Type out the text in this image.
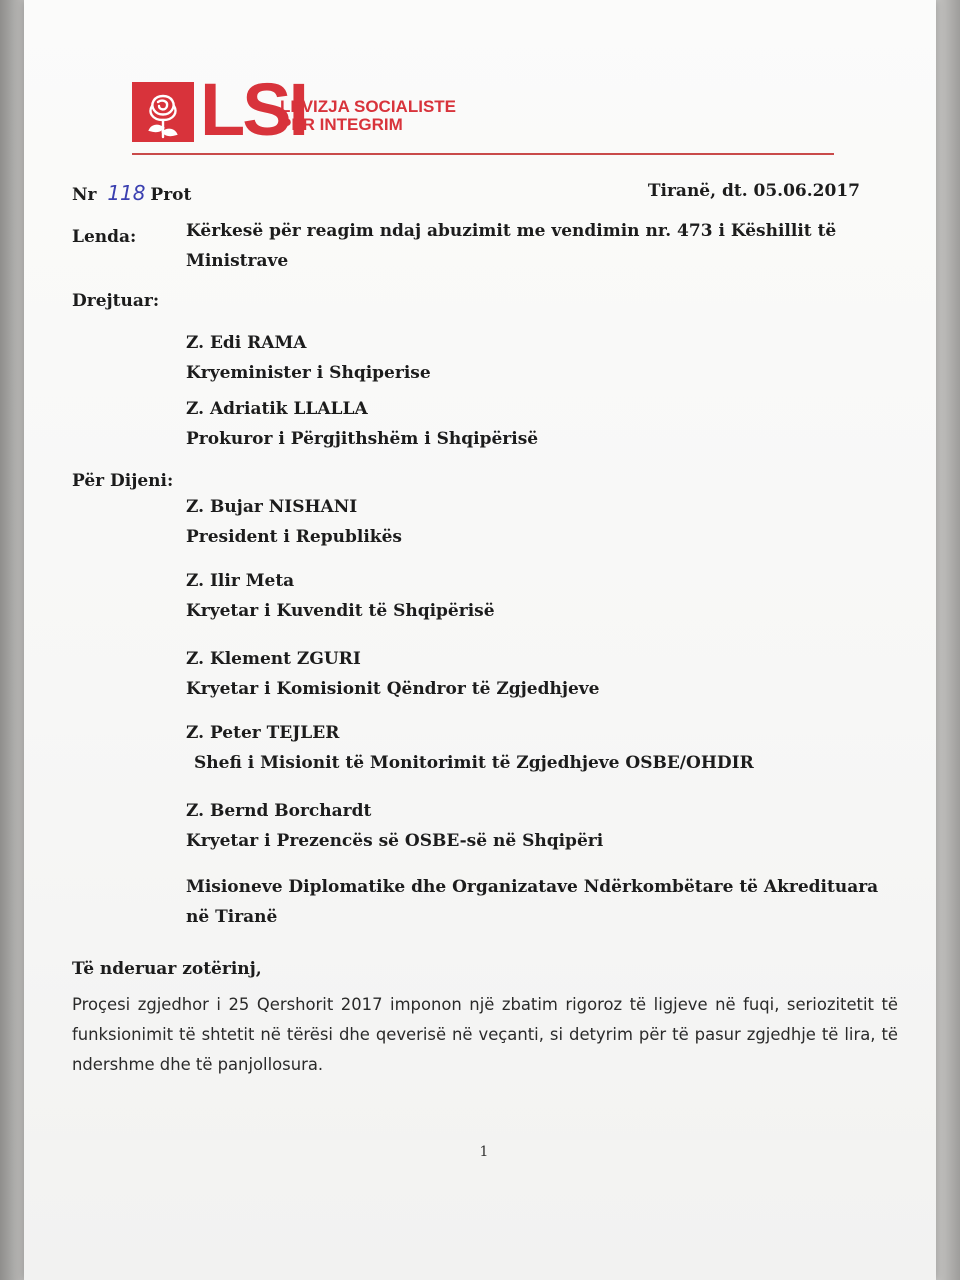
LSI
LËVIZJA SOCIALISTE
PËR INTEGRIM
Nr 118 Prot	Tiranë, dt. 05.06.2017
Lenda:	Kërkesë për reagim ndaj abuzimit me vendimin nr. 473 i Këshillit të
Ministrave
Drejtuar:
Z. Edi RAMA
Kryeminister i Shqiperise
Z. Adriatik LLALLA
Prokuror i Përgjithshëm i Shqipërisë
Për Dijeni:
Z. Bujar NISHANI
President i Republikës
Z. Ilir Meta
Kryetar i Kuvendit të Shqipërisë
Z. Klement ZGURI
Kryetar i Komisionit Qëndror të Zgjedhjeve
Z. Peter TEJLER
Shefi i Misionit të Monitorimit të Zgjedhjeve OSBE/OHDIR
Z. Bernd Borchardt
Kryetar i Prezencës së OSBE-së në Shqipëri
Misioneve Diplomatike dhe Organizatave Ndërkombëtare të Akredituara
në Tiranë
Të nderuar zotërinj,
Proçesi zgjedhor i 25 Qershorit 2017 imponon një zbatim rigoroz të ligjeve në fuqi, seriozitetit të funksionimit të shtetit në tërësi dhe qeverisë në veçanti, si detyrim për të pasur zgjedhje të lira, të ndershme dhe të panjollosura.
1
